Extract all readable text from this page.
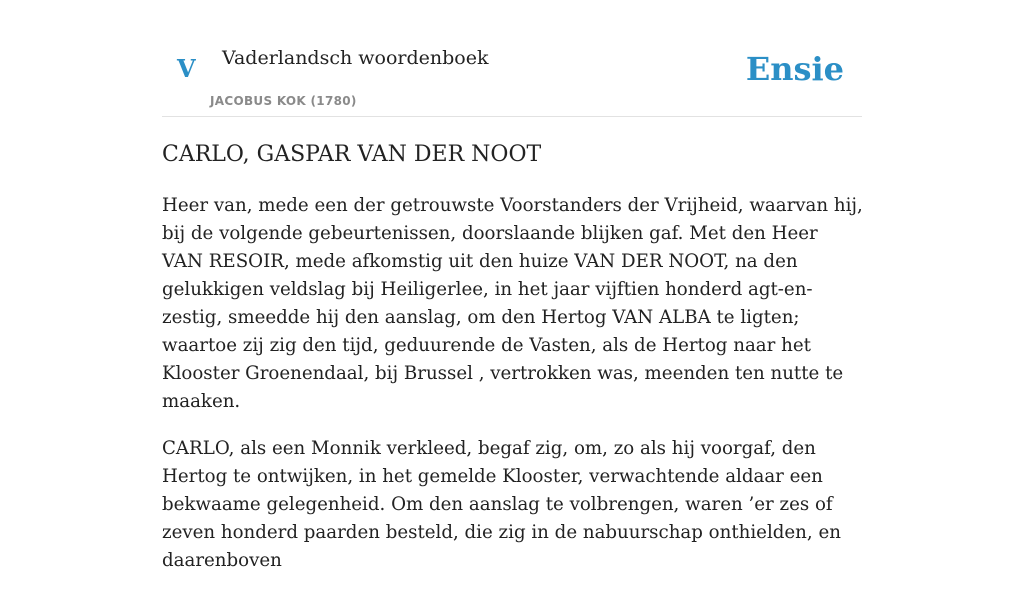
V Vaderlandsch woordenboek
JACOBUS KOK (1780)
Ensie
CARLO, GASPAR VAN DER NOOT

Heer van, mede een der getrouwste Voorstanders der Vrijheid, waarvan hij, bij de volgende gebeurtenissen, doorslaande blijken gaf. Met den Heer VAN RESOIR, mede afkomstig uit den huize VAN DER NOOT, na den gelukkigen veldslag bij Heiligerlee, in het jaar vijftien honderd agt-en-zestig, smeedde hij den aanslag, om den Hertog VAN ALBA te ligten; waartoe zij zig den tijd, geduurende de Vasten, als de Hertog naar het Klooster Groenendaal, bij Brussel , vertrokken was, meenden ten nutte te maaken.

CARLO, als een Monnik verkleed, begaf zig, om, zo als hij voorgaf, den Hertog te ontwijken, in het gemelde Klooster, verwachtende aldaar een bekwaame gelegenheid. Om den aanslag te volbrengen, waren ’er zes of zeven honderd paarden besteld, die zig in de nabuurschap onthielden, en daarenboven
